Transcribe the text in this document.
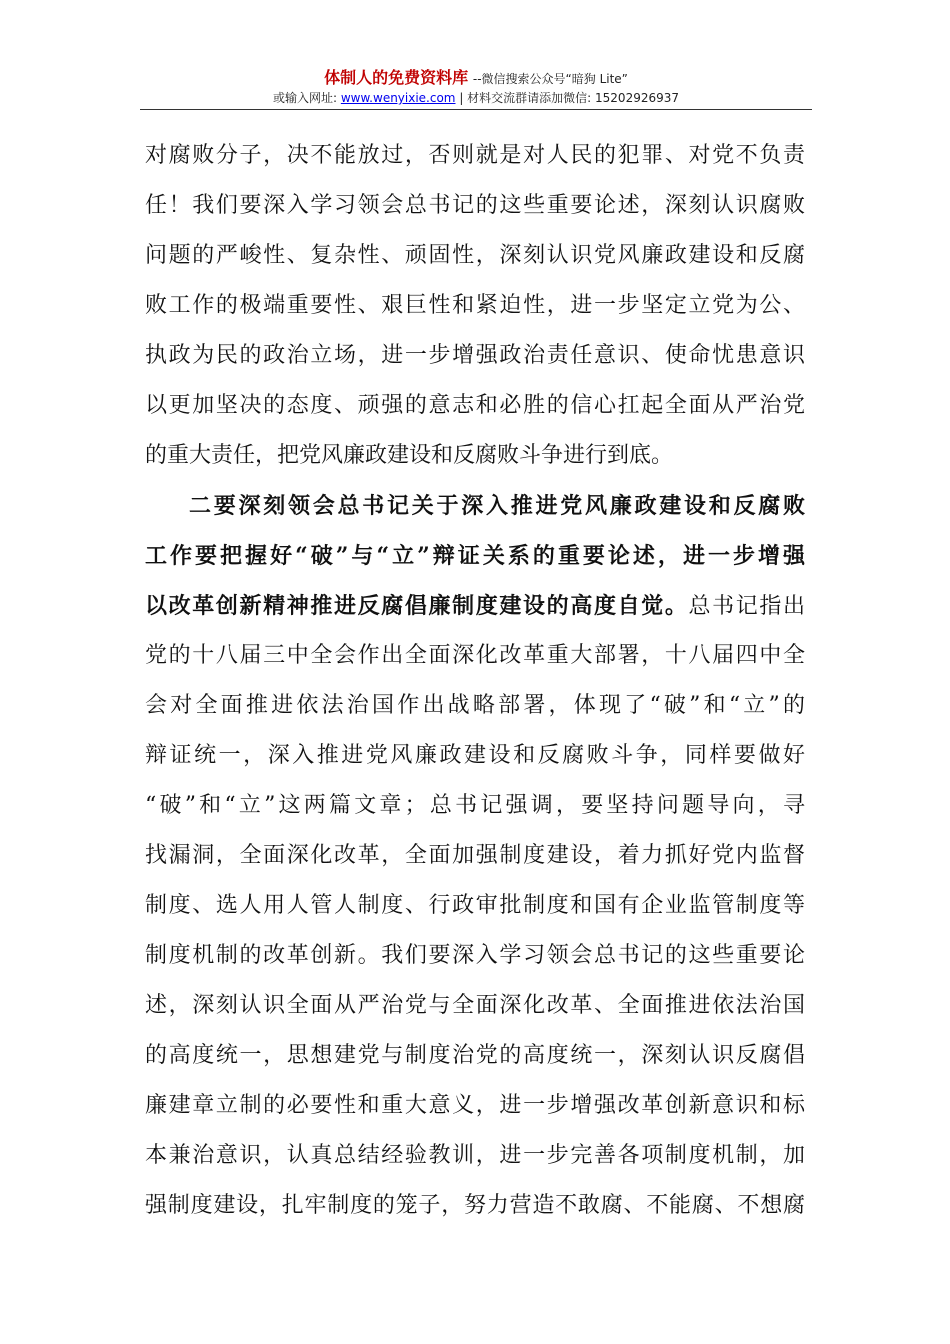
体制人的免费资料库 --微信搜索公众号“暗狗 Lite”
或输入网址: www.wenyixie.com | 材料交流群请添加微信: 15202926937
对腐败分子，决不能放过，否则就是对人民的犯罪、对党不负责
任！我们要深入学习领会总书记的这些重要论述，深刻认识腐败
问题的严峻性、复杂性、顽固性，深刻认识党风廉政建设和反腐
败工作的极端重要性、艰巨性和紧迫性，进一步坚定立党为公、
执政为民的政治立场，进一步增强政治责任意识、使命忧患意识
以更加坚决的态度、顽强的意志和必胜的信心扛起全面从严治党
的重大责任，把党风廉政建设和反腐败斗争进行到底。
二要深刻领会总书记关于深入推进党风廉政建设和反腐败
工作要把握好“破”与“立”辩证关系的重要论述，进一步增强
以改革创新精神推进反腐倡廉制度建设的高度自觉。总书记指出
党的十八届三中全会作出全面深化改革重大部署，十八届四中全
会对全面推进依法治国作出战略部署，体现了“破”和“立”的
辩证统一，深入推进党风廉政建设和反腐败斗争，同样要做好
“破”和“立”这两篇文章；总书记强调，要坚持问题导向，寻
找漏洞，全面深化改革，全面加强制度建设，着力抓好党内监督
制度、选人用人管人制度、行政审批制度和国有企业监管制度等
制度机制的改革创新。我们要深入学习领会总书记的这些重要论
述，深刻认识全面从严治党与全面深化改革、全面推进依法治国
的高度统一，思想建党与制度治党的高度统一，深刻认识反腐倡
廉建章立制的必要性和重大意义，进一步增强改革创新意识和标
本兼治意识，认真总结经验教训，进一步完善各项制度机制，加
强制度建设，扎牢制度的笼子，努力营造不敢腐、不能腐、不想腐
